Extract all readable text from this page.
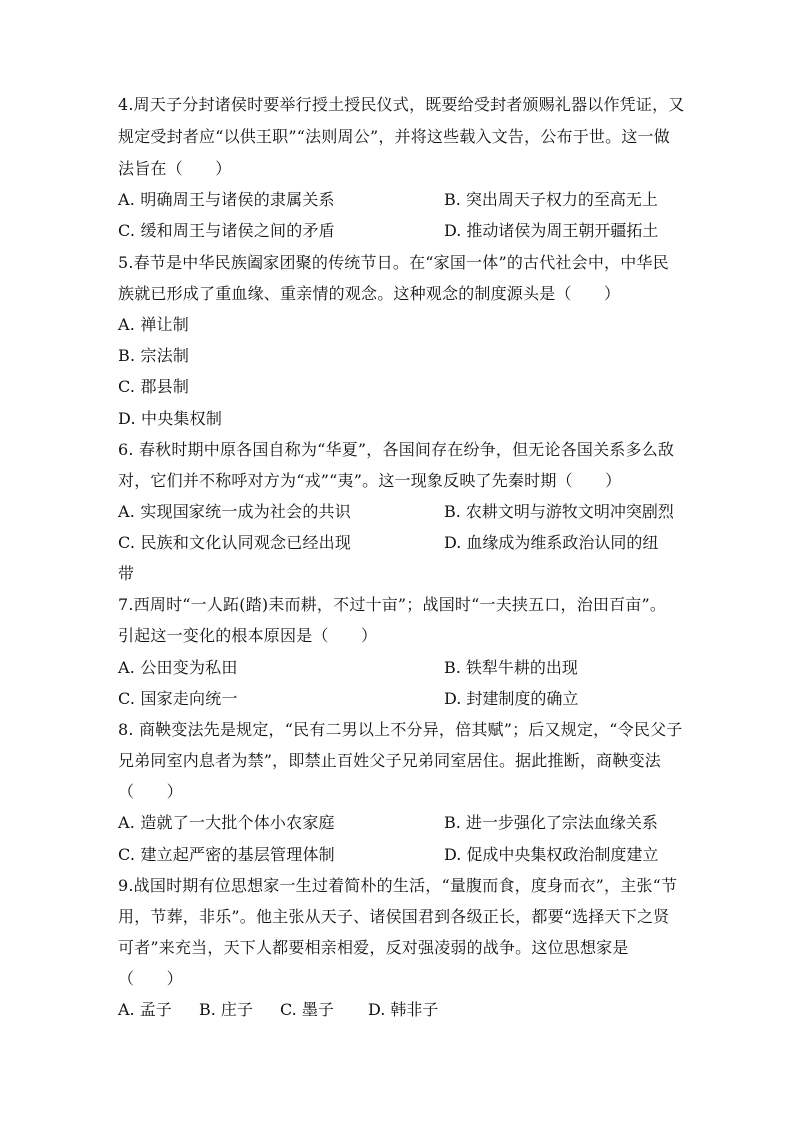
4.周天子分封诸侯时要举行授土授民仪式，既要给受封者颁赐礼器以作凭证，又
规定受封者应“以供王职”“法则周公”，并将这些载入文告，公布于世。这一做
法旨在（　　）
A. 明确周王与诸侯的隶属关系	B. 突出周天子权力的至高无上
C. 缓和周王与诸侯之间的矛盾	D. 推动诸侯为周王朝开疆拓土
5.春节是中华民族阖家团聚的传统节日。在“家国一体”的古代社会中，中华民
族就已形成了重血缘、重亲情的观念。这种观念的制度源头是（　　）
A. 禅让制
B. 宗法制
C. 郡县制
D. 中央集权制
6. 春秋时期中原各国自称为“华夏”，各国间存在纷争，但无论各国关系多么敌
对，它们并不称呼对方为“戎”“夷”。这一现象反映了先秦时期（　　）
A. 实现国家统一成为社会的共识	B. 农耕文明与游牧文明冲突剧烈
C. 民族和文化认同观念已经出现	D. 血缘成为维系政治认同的纽
带
7.西周时“一人跖(踏)耒而耕，不过十亩”；战国时“一夫挟五口，治田百亩”。
引起这一变化的根本原因是（　　）
A. 公田变为私田	B. 铁犁牛耕的出现
C. 国家走向统一	D. 封建制度的确立
8. 商鞅变法先是规定，“民有二男以上不分异，倍其赋”；后又规定，“令民父子
兄弟同室内息者为禁”，即禁止百姓父子兄弟同室居住。据此推断，商鞅变法
（　　）
A. 造就了一大批个体小农家庭	B. 进一步强化了宗法血缘关系
C. 建立起严密的基层管理体制	D. 促成中央集权政治制度建立
9.战国时期有位思想家一生过着简朴的生活，“量腹而食，度身而衣”，主张“节
用，节葬，非乐”。他主张从天子、诸侯国君到各级正长，都要“选择天下之贤
可者”来充当，天下人都要相亲相爱，反对强凌弱的战争。这位思想家是
（　　）
A. 孟子 B. 庄子 C. 墨子 D. 韩非子
